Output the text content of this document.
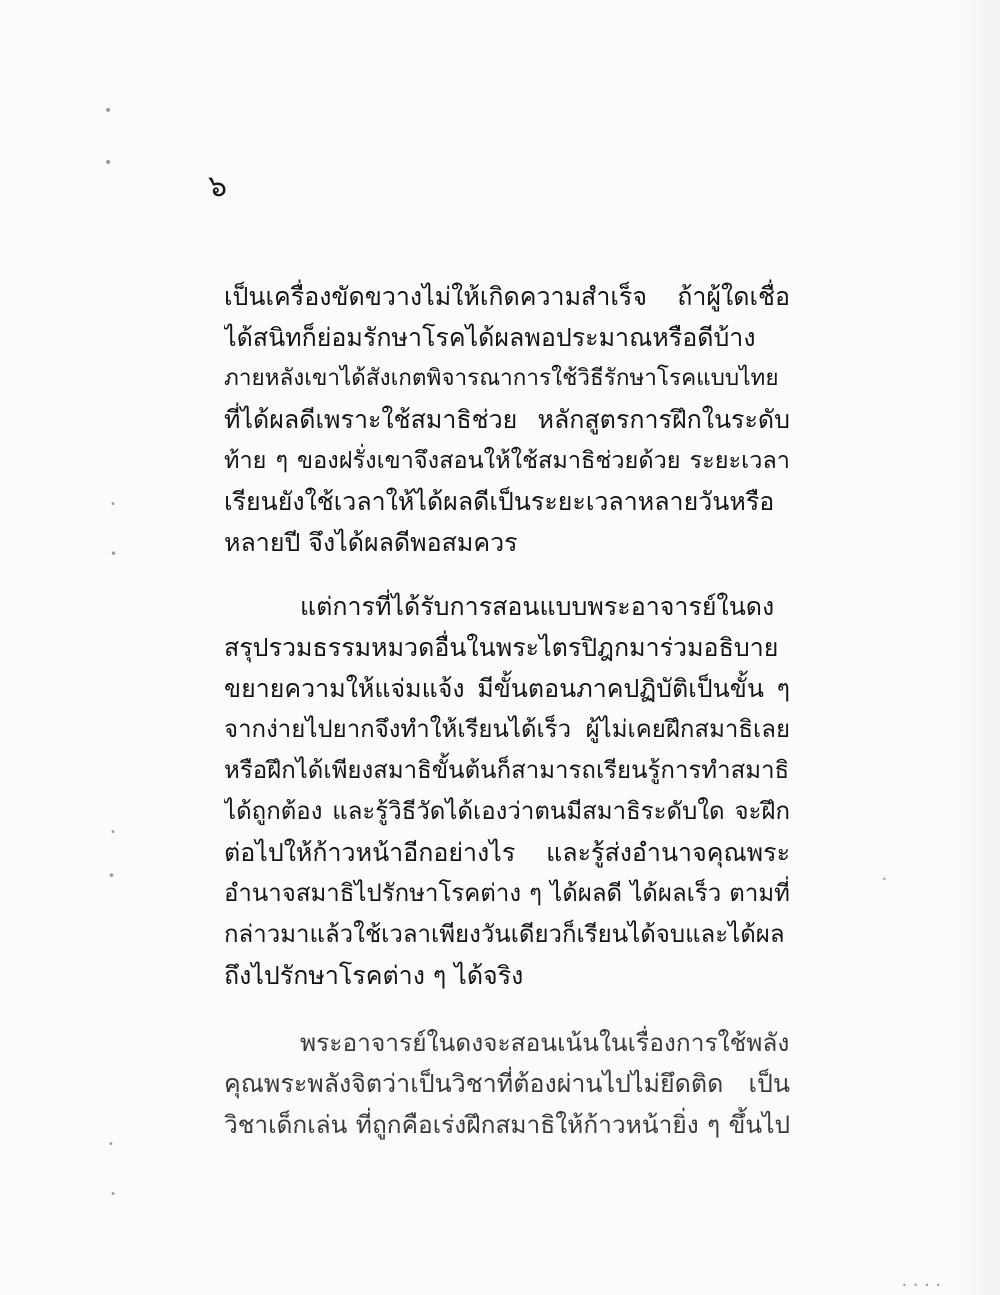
•
•
•
•
•
•
•
•
•
• • • •
๖
เป็นเครื่องขัดขวางไม่ให้เกิดความสำเร็จ ถ้าผู้ใดเชื่อ
ได้สนิทก็ย่อมรักษาโรคได้ผลพอประมาณหรือดีบ้าง
ภายหลังเขาได้สังเกตพิจารณาการใช้วิธีรักษาโรคแบบไทย
ที่ได้ผลดีเพราะใช้สมาธิช่วย หลักสูตรการฝึกในระดับ
ท้าย ๆ ของฝรั่งเขาจึงสอนให้ใช้สมาธิช่วยด้วย ระยะเวลา
เรียนยังใช้เวลาให้ได้ผลดีเป็นระยะเวลาหลายวันหรือ
หลายปี จึงได้ผลดีพอสมควร
แต่การที่ได้รับการสอนแบบพระอาจารย์ในดง
สรุปรวมธรรมหมวดอื่นในพระไตรปิฎกมาร่วมอธิบาย
ขยายความให้แจ่มแจ้ง มีขั้นตอนภาคปฏิบัติเป็นขั้น ๆ
จากง่ายไปยากจึงทำให้เรียนได้เร็ว ผู้ไม่เคยฝึกสมาธิเลย
หรือฝึกได้เพียงสมาธิขั้นต้นก็สามารถเรียนรู้การทำสมาธิ
ได้ถูกต้อง และรู้วิธีวัดได้เองว่าตนมีสมาธิระดับใด จะฝึก
ต่อไปให้ก้าวหน้าอีกอย่างไร และรู้ส่งอำนาจคุณพระ
อำนาจสมาธิไปรักษาโรคต่าง ๆ ได้ผลดี ได้ผลเร็ว ตามที่
กล่าวมาแล้วใช้เวลาเพียงวันเดียวก็เรียนได้จบและได้ผล
ถึงไปรักษาโรคต่าง ๆ ได้จริง
พระอาจารย์ในดงจะสอนเน้นในเรื่องการใช้พลัง
คุณพระพลังจิตว่าเป็นวิชาที่ต้องผ่านไปไม่ยึดติด เป็น
วิชาเด็กเล่น ที่ถูกคือเร่งฝึกสมาธิให้ก้าวหน้ายิ่ง ๆ ขึ้นไป
